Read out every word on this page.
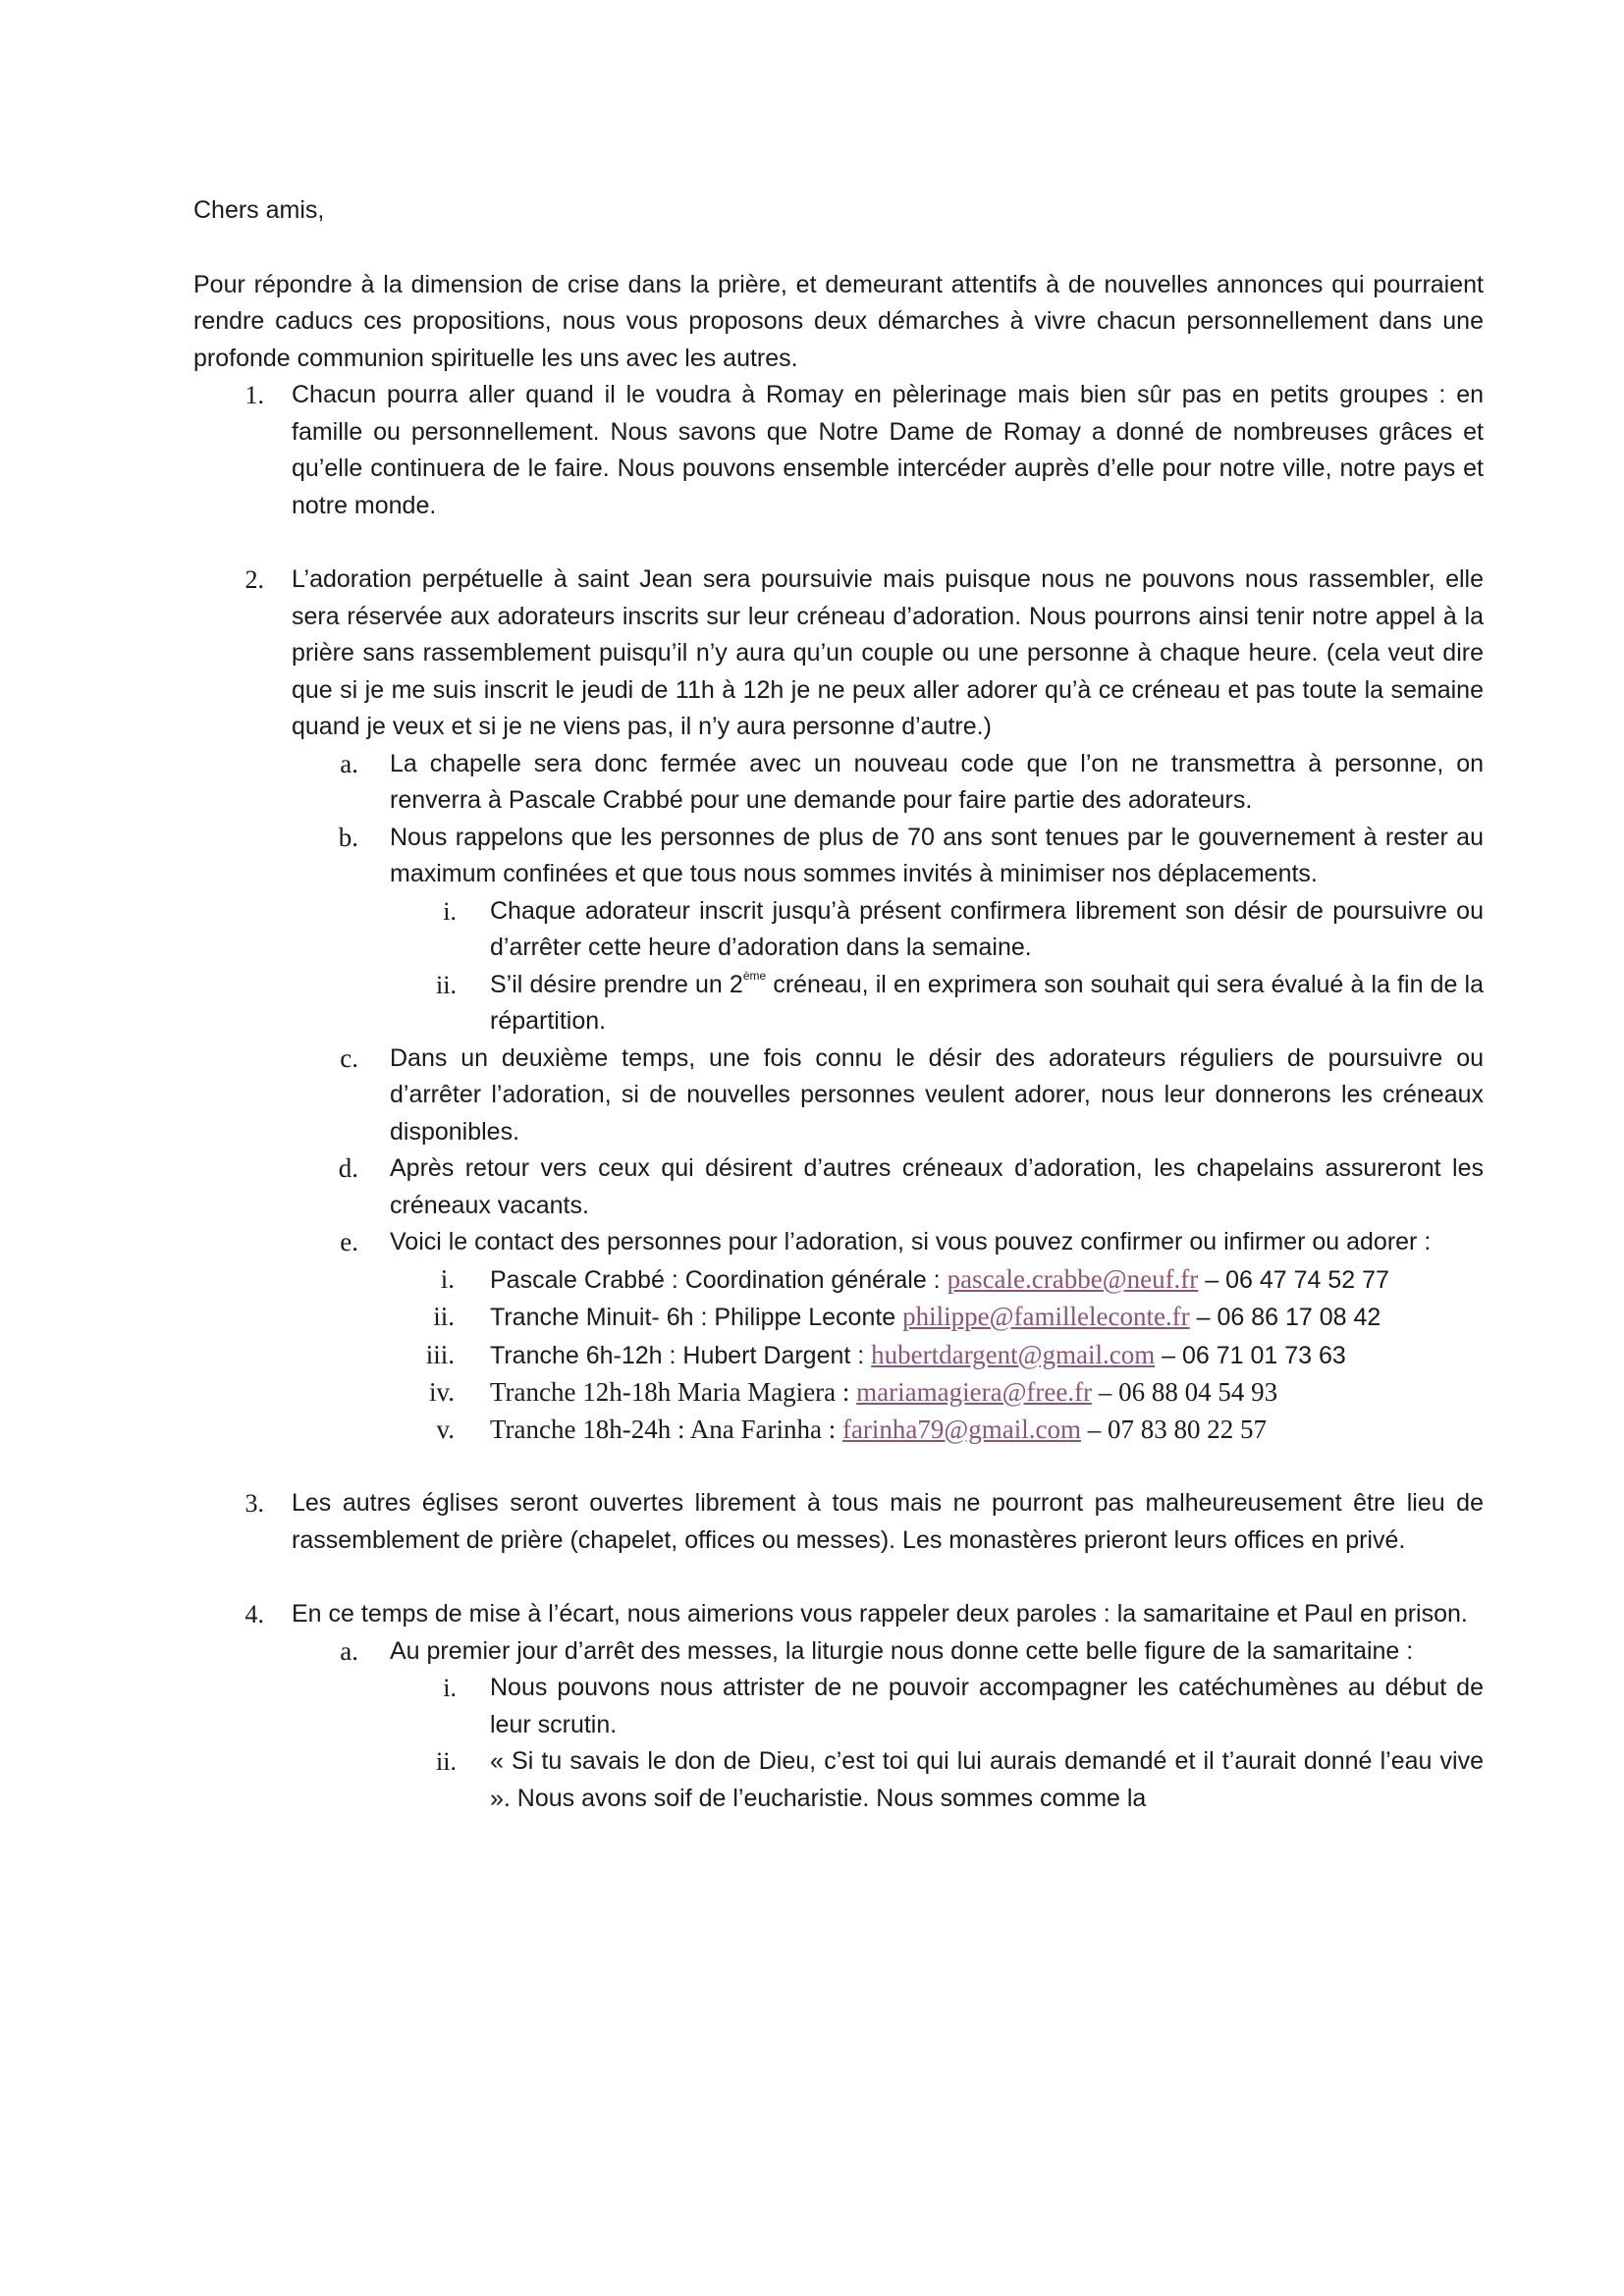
Chers amis,

Pour répondre à la dimension de crise dans la prière, et demeurant attentifs à de nouvelles annonces qui pourraient rendre caducs ces propositions, nous vous proposons deux démarches à vivre chacun personnellement dans une profonde communion spirituelle les uns avec les autres.

1. Chacun pourra aller quand il le voudra à Romay en pèlerinage mais bien sûr pas en petits groupes : en famille ou personnellement. Nous savons que Notre Dame de Romay a donné de nombreuses grâces et qu’elle continuera de le faire. Nous pouvons ensemble intercéder auprès d’elle pour notre ville, notre pays et notre monde.

2. L’adoration perpétuelle à saint Jean sera poursuivie mais puisque nous ne pouvons nous rassembler, elle sera réservée aux adorateurs inscrits sur leur créneau d’adoration. Nous pourrons ainsi tenir notre appel à la prière sans rassemblement puisqu’il n’y aura qu’un couple ou une personne à chaque heure. (cela veut dire que si je me suis inscrit le jeudi de 11h à 12h je ne peux aller adorer qu’à ce créneau et pas toute la semaine quand je veux et si je ne viens pas, il n’y aura personne d’autre.)

a. La chapelle sera donc fermée avec un nouveau code que l’on ne transmettra à personne, on renverra à Pascale Crabbé pour une demande pour faire partie des adorateurs.

b. Nous rappelons que les personnes de plus de 70 ans sont tenues par le gouvernement à rester au maximum confinées et que tous nous sommes invités à minimiser nos déplacements.

i. Chaque adorateur inscrit jusqu’à présent confirmera librement son désir de poursuivre ou d’arrêter cette heure d’adoration dans la semaine.

ii. S’il désire prendre un 2ème créneau, il en exprimera son souhait qui sera évalué à la fin de la répartition.

c. Dans un deuxième temps, une fois connu le désir des adorateurs réguliers de poursuivre ou d’arrêter l’adoration, si de nouvelles personnes veulent adorer, nous leur donnerons les créneaux disponibles.

d. Après retour vers ceux qui désirent d’autres créneaux d’adoration, les chapelains assureront les créneaux vacants.

e. Voici le contact des personnes pour l’adoration, si vous pouvez confirmer ou infirmer ou adorer :

i. Pascale Crabbé : Coordination générale : pascale.crabbe@neuf.fr – 06 47 74 52 77

ii. Tranche Minuit- 6h : Philippe Leconte philippe@familleleconte.fr – 06 86 17 08 42

iii. Tranche 6h-12h : Hubert Dargent : hubertdargent@gmail.com – 06 71 01 73 63

iv. Tranche 12h-18h Maria Magiera : mariamagiera@free.fr – 06 88 04 54 93

v. Tranche 18h-24h : Ana Farinha : farinha79@gmail.com – 07 83 80 22 57

3. Les autres églises seront ouvertes librement à tous mais ne pourront pas malheureusement être lieu de rassemblement de prière (chapelet, offices ou messes). Les monastères prieront leurs offices en privé.

4. En ce temps de mise à l’écart, nous aimerions vous rappeler deux paroles : la samaritaine et Paul en prison.

a. Au premier jour d’arrêt des messes, la liturgie nous donne cette belle figure de la samaritaine :

i. Nous pouvons nous attrister de ne pouvoir accompagner les catéchumènes au début de leur scrutin.

ii. « Si tu savais le don de Dieu, c’est toi qui lui aurais demandé et il t’aurait donné l’eau vive ». Nous avons soif de l’eucharistie. Nous sommes comme la
